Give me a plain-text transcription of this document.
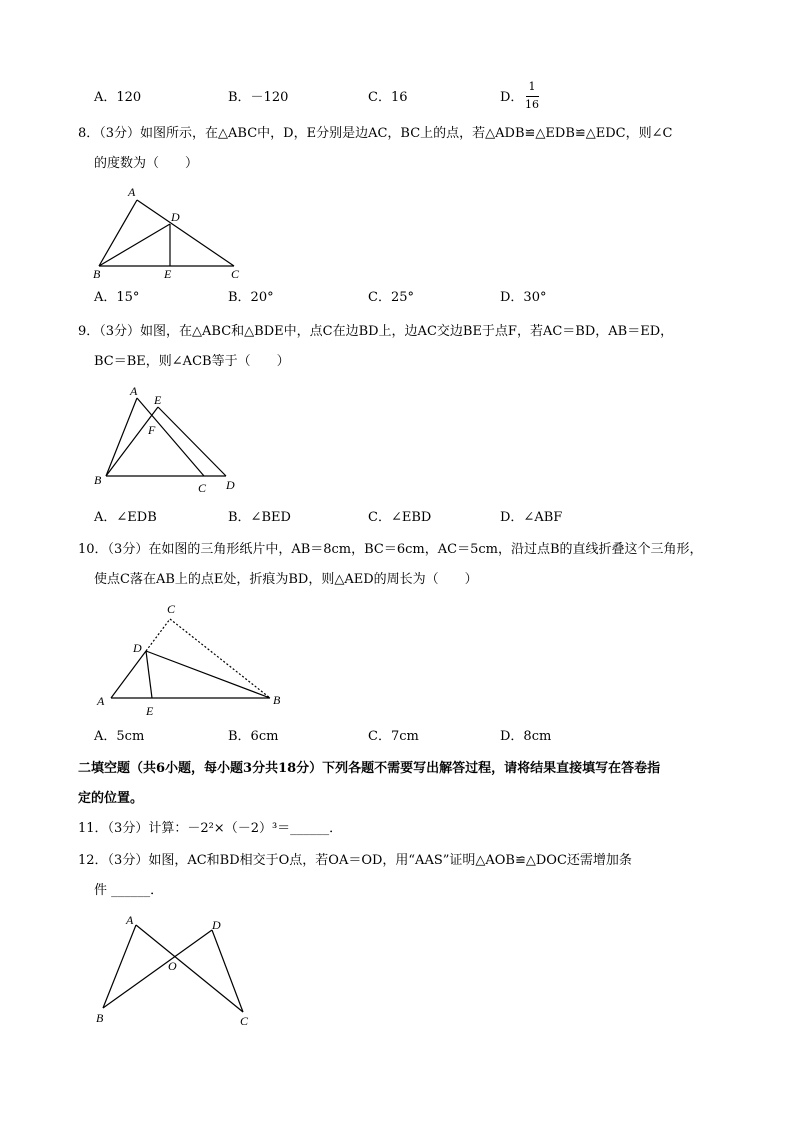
A．120	B．－120	C．16	D．
1
16
8．（3分）如图所示，在△ABC中，D，E分别是边AC，BC上的点，若△ADB≌△EDB≌△EDC，则∠C
的度数为（　　）
A
D
B	E	C
A．15°	B．20°	C．25°	D．30°
9．（3分）如图，在△ABC和△BDE中，点C在边BD上，边AC交边BE于点F，若AC＝BD，AB＝ED，
BC＝BE，则∠ACB等于（　　）
A
E
F
B
C D
A．∠EDB	B．∠BED	C．∠EBD	D．∠ABF
10．（3分）在如图的三角形纸片中，AB＝8cm，BC＝6cm，AC＝5cm，沿过点B的直线折叠这个三角形，
使点C落在AB上的点E处，折痕为BD，则△AED的周长为（　　）
C
D
A
E
B
A．5cm	B．6cm	C．7cm	D．8cm
二填空题（共6小题，每小题3分共18分）下列各题不需要写出解答过程，请将结果直接填写在答卷指
定的位置。
11．（3分）计算：－2²×（－2）³＝______．
12．（3分）如图，AC和BD相交于O点，若OA＝OD，用“AAS”证明△AOB≌△DOC还需增加条
件 ______．
A	D
O
B	C
